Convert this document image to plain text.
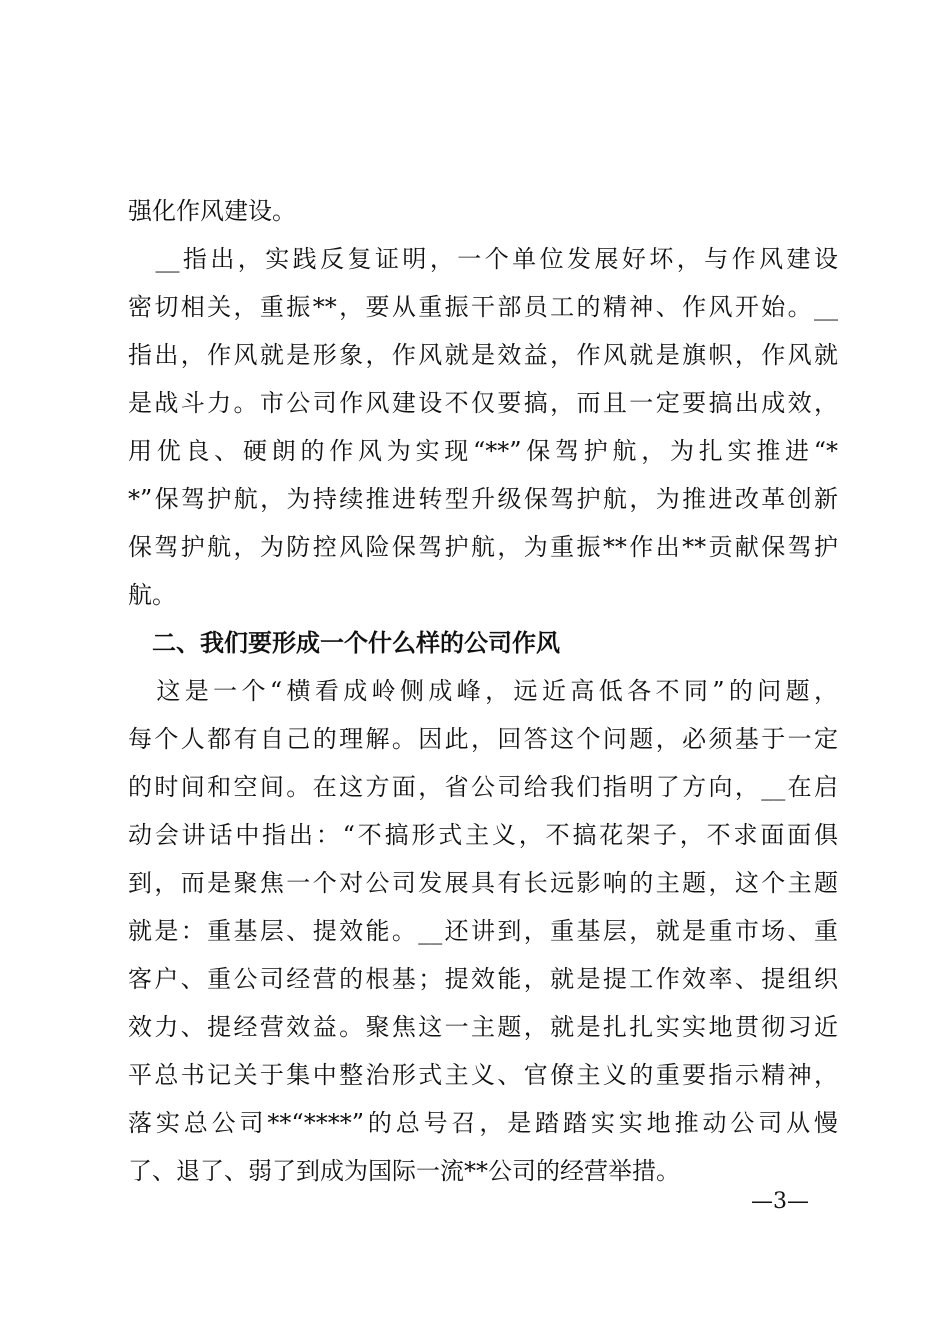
强化作风建设。
　__指出，实践反复证明，一个单位发展好坏，与作风建设
密切相关，重振**，要从重振干部员工的精神、作风开始。__
指出，作风就是形象，作风就是效益，作风就是旗帜，作风就
是战斗力。市公司作风建设不仅要搞，而且一定要搞出成效，
用优良、硬朗的作风为实现“**”保驾护航，为扎实推进“*
*”保驾护航，为持续推进转型升级保驾护航，为推进改革创新
保驾护航，为防控风险保驾护航，为重振**作出**贡献保驾护
航。
　二、我们要形成一个什么样的公司作风
　这是一个“横看成岭侧成峰，远近高低各不同”的问题，
每个人都有自己的理解。因此，回答这个问题，必须基于一定
的时间和空间。在这方面，省公司给我们指明了方向，__在启
动会讲话中指出：“不搞形式主义，不搞花架子，不求面面俱
到，而是聚焦一个对公司发展具有长远影响的主题，这个主题
就是：重基层、提效能。__还讲到，重基层，就是重市场、重
客户、重公司经营的根基；提效能，就是提工作效率、提组织
效力、提经营效益。聚焦这一主题，就是扎扎实实地贯彻习近
平总书记关于集中整治形式主义、官僚主义的重要指示精神，
落实总公司**“****”的总号召，是踏踏实实地推动公司从慢
了、退了、弱了到成为国际一流**公司的经营举措。
—3—
